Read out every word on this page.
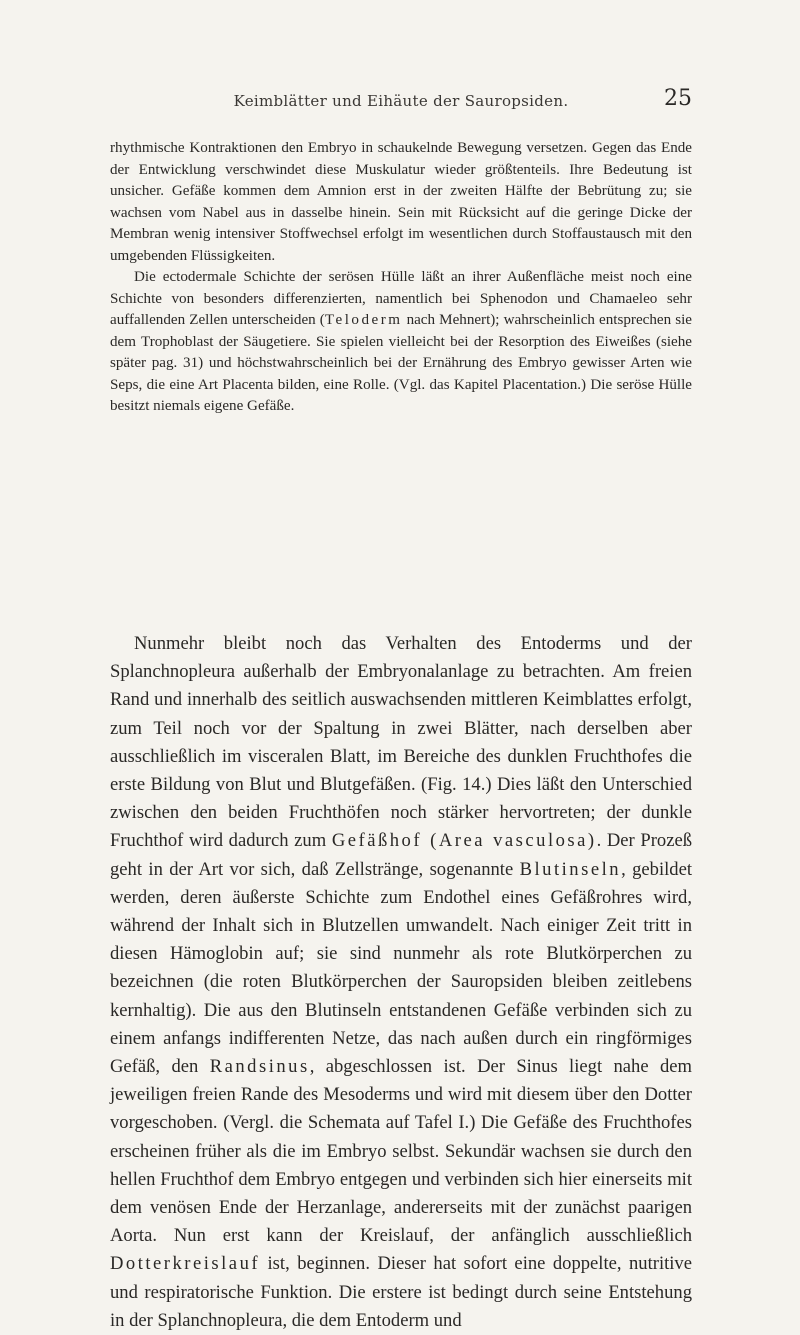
Keimblätter und Eihäute der Sauropsiden.	25

rhythmische Kontraktionen den Embryo in schaukelnde Bewegung versetzen. Gegen das Ende der Entwicklung verschwindet diese Muskulatur wieder größtenteils. Ihre Bedeutung ist unsicher. Gefäße kommen dem Amnion erst in der zweiten Hälfte der Bebrütung zu; sie wachsen vom Nabel aus in dasselbe hinein. Sein mit Rücksicht auf die geringe Dicke der Membran wenig intensiver Stoffwechsel erfolgt im wesentlichen durch Stoffaustausch mit den umgebenden Flüssigkeiten.

Die ectodermale Schichte der serösen Hülle läßt an ihrer Außenfläche meist noch eine Schichte von besonders differenzierten, namentlich bei Sphenodon und Chamaeleo sehr auffallenden Zellen unterscheiden (Teloderm nach Mehnert); wahrscheinlich entsprechen sie dem Trophoblast der Säugetiere. Sie spielen vielleicht bei der Resorption des Eiweißes (siehe später pag. 31) und höchstwahrscheinlich bei der Ernährung des Embryo gewisser Arten wie Seps, die eine Art Placenta bilden, eine Rolle. (Vgl. das Kapitel Placentation.) Die seröse Hülle besitzt niemals eigene Gefäße.

Nunmehr bleibt noch das Verhalten des Entoderms und der Splanchnopleura außerhalb der Embryonalanlage zu betrachten. Am freien Rand und innerhalb des seitlich auswachsenden mittleren Keimblattes erfolgt, zum Teil noch vor der Spaltung in zwei Blätter, nach derselben aber ausschließlich im visceralen Blatt, im Bereiche des dunklen Fruchthofes die erste Bildung von Blut und Blutgefäßen. (Fig. 14.) Dies läßt den Unterschied zwischen den beiden Fruchthöfen noch stärker hervortreten; der dunkle Fruchthof wird dadurch zum Gefäßhof (Area vasculosa). Der Prozeß geht in der Art vor sich, daß Zellstränge, sogenannte Blutinseln, gebildet werden, deren äußerste Schichte zum Endothel eines Gefäßrohres wird, während der Inhalt sich in Blutzellen umwandelt. Nach einiger Zeit tritt in diesen Hämoglobin auf; sie sind nunmehr als rote Blutkörperchen zu bezeichnen (die roten Blutkörperchen der Sauropsiden bleiben zeitlebens kernhaltig). Die aus den Blutinseln entstandenen Gefäße verbinden sich zu einem anfangs indifferenten Netze, das nach außen durch ein ringförmiges Gefäß, den Randsinus, abgeschlossen ist. Der Sinus liegt nahe dem jeweiligen freien Rande des Mesoderms und wird mit diesem über den Dotter vorgeschoben. (Vergl. die Schemata auf Tafel I.) Die Gefäße des Fruchthofes erscheinen früher als die im Embryo selbst. Sekundär wachsen sie durch den hellen Fruchthof dem Embryo entgegen und verbinden sich hier einerseits mit dem venösen Ende der Herzanlage, andererseits mit der zunächst paarigen Aorta. Nun erst kann der Kreislauf, der anfänglich ausschließlich Dotterkreislauf ist, beginnen. Dieser hat sofort eine doppelte, nutritive und respiratorische Funktion. Die erstere ist bedingt durch seine Entstehung in der Splanchnopleura, die dem Entoderm und
